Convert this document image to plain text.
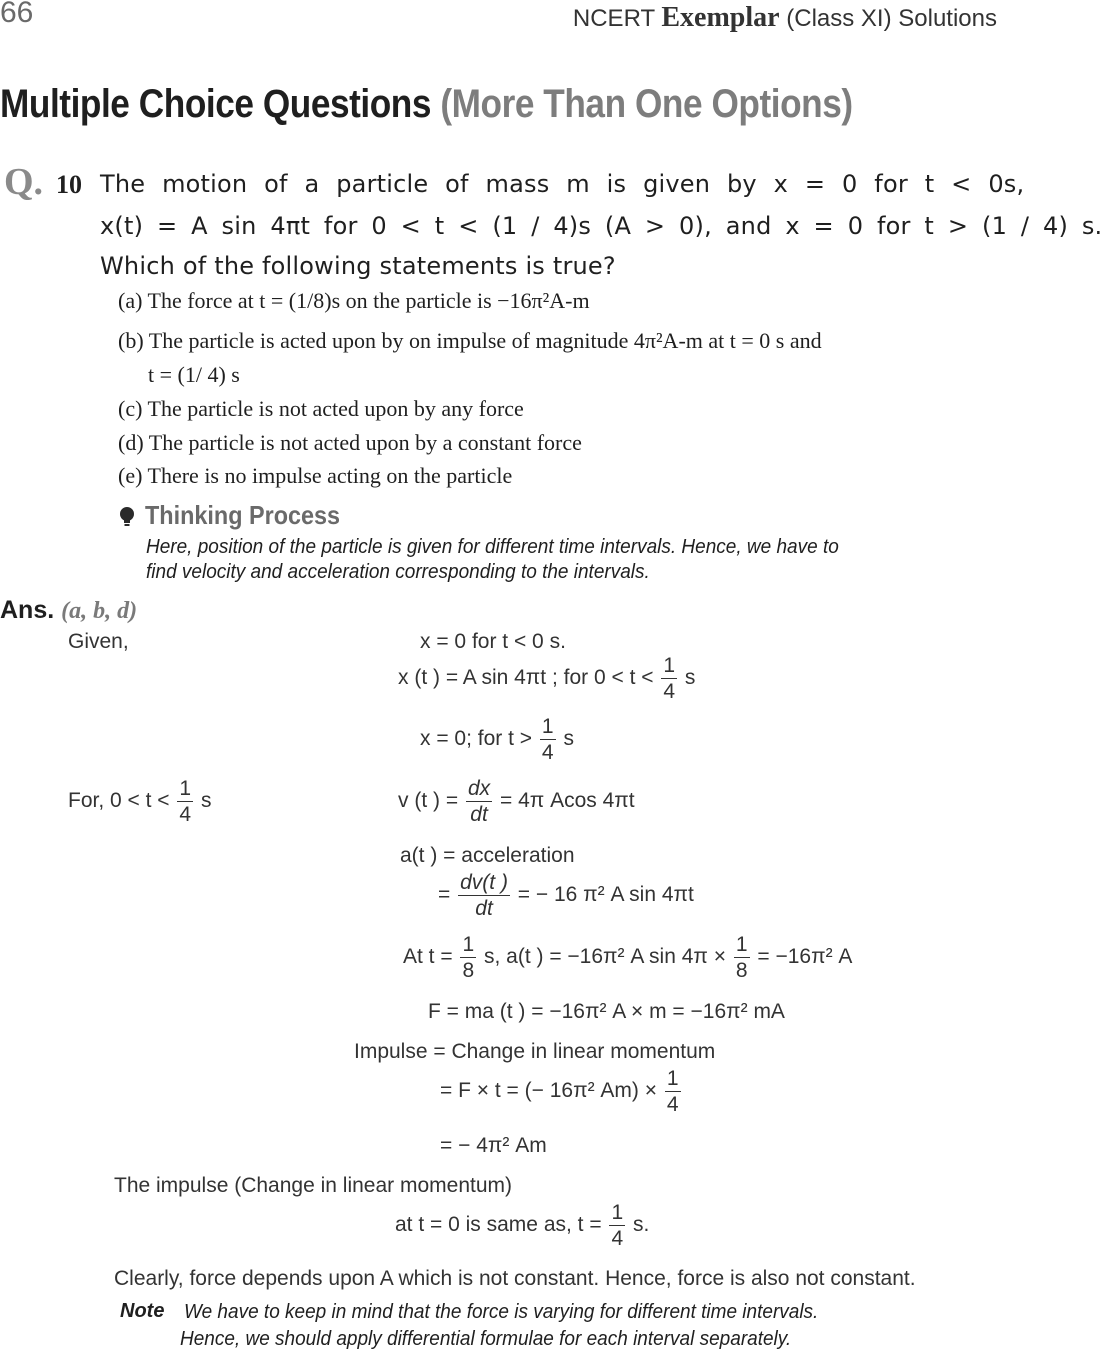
66	NCERT Exemplar (Class XI) Solutions
Multiple Choice Questions (More Than One Options)
Q. 10 The motion of a particle of mass m is given by x = 0 for t < 0s,
x(t) = A sin 4πt for 0 < t < (1 / 4)s (A > 0), and x = 0 for t > (1 / 4) s.
Which of the following statements is true?
(a) The force at t = (1/8)s on the particle is −16π²A-m
(b) The particle is acted upon by on impulse of magnitude 4π²A-m at t = 0 s and
t = (1/ 4) s
(c) The particle is not acted upon by any force
(d) The particle is not acted upon by a constant force
(e) There is no impulse acting on the particle
Thinking Process
Here, position of the particle is given for different time intervals. Hence, we have to
find velocity and acceleration corresponding to the intervals.
Ans. (a, b, d)
Given,	x = 0 for t < 0 s.
x (t ) = A sin 4πt ; for $0 < t < \frac{1}{4}$ s
x = 0; for $t > \frac{1}{4}$ s
For, $0 < t < \frac{1}{4}$ s	v (t ) = $\frac{dx}{dt} = 4\pi$ Acos 4πt
a(t ) = acceleration
= $\frac{dv(t )}{dt}$ = − 16 π² A sin 4πt
At $t = \frac{1}{8} s$, a(t ) = −16π² A $\sin 4\pi \times \frac{1}{8} = -16\pi^2$ A
F = ma (t ) = −16π² A × m = −16π² mA
Impulse = Change in linear momentum
= F × t = (− 16π² $Am) \times \frac{1}{4}$
= − 4π² Am
The impulse (Change in linear momentum)
at t = 0 is same as, $t = \frac{1}{4} s$.
Clearly, force depends upon A which is not constant. Hence, force is also not constant.
Note We have to keep in mind that the force is varying for different time intervals.
Hence, we should apply differential formulae for each interval separately.
